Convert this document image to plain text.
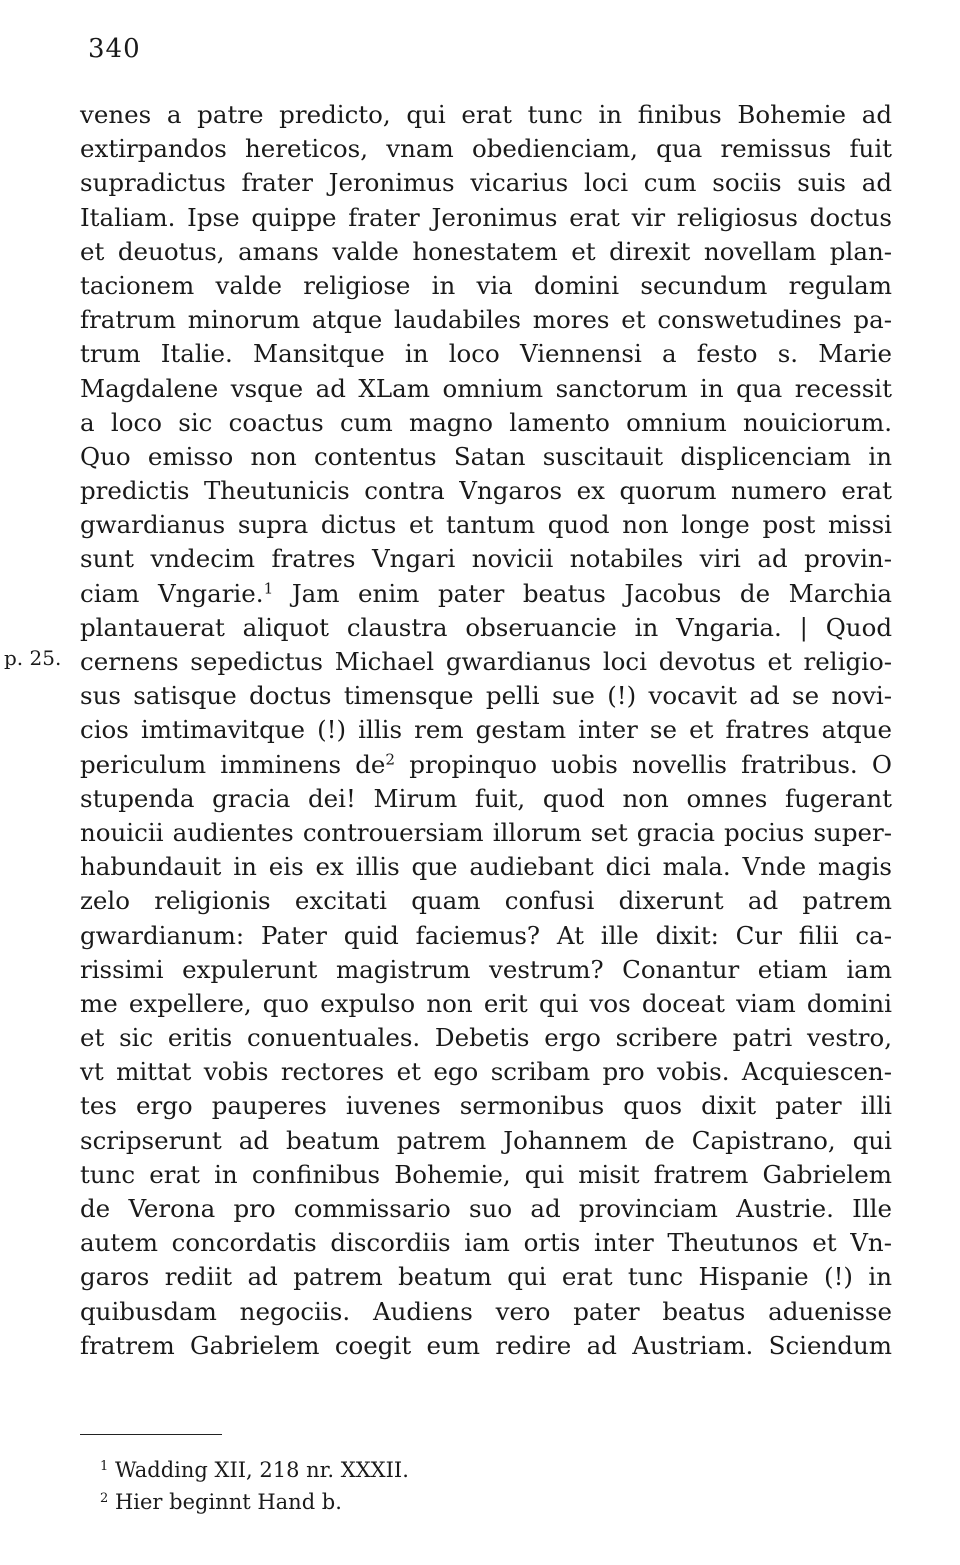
340
p. 25.
venes a patre predicto, qui erat tunc in finibus Bohemie ad
extirpandos hereticos, vnam obedienciam, qua remissus fuit
supradictus frater Jeronimus vicarius loci cum sociis suis ad
Italiam. Ipse quippe frater Jeronimus erat vir religiosus doctus
et deuotus, amans valde honestatem et direxit novellam plan-
tacionem valde religiose in via domini secundum regulam
fratrum minorum atque laudabiles mores et conswetudines pa-
trum Italie. Mansitque in loco Viennensi a festo s. Marie
Magdalene vsque ad XLam omnium sanctorum in qua recessit
a loco sic coactus cum magno lamento omnium nouiciorum.
Quo emisso non contentus Satan suscitauit displicenciam in
predictis Theutunicis contra Vngaros ex quorum numero erat
gwardianus supra dictus et tantum quod non longe post missi
sunt vndecim fratres Vngari novicii notabiles viri ad provin-
ciam Vngarie.$^1$ Jam enim pater beatus Jacobus de Marchia
plantauerat aliquot claustra obseruancie in Vngaria. | Quod
cernens sepedictus Michael gwardianus loci devotus et religio-
sus satisque doctus timensque pelli sue (!) vocavit ad se novi-
cios imtimavitque (!) illis rem gestam inter se et fratres atque
periculum imminens $de^2$ propinquo uobis novellis fratribus. O
stupenda gracia dei! Mirum fuit, quod non omnes fugerant
nouicii audientes controuersiam illorum set gracia pocius super-
habundauit in eis ex illis que audiebant dici mala. Vnde magis
zelo religionis excitati quam confusi dixerunt ad patrem
gwardianum: Pater quid faciemus? At ille dixit: Cur filii ca-
rissimi expulerunt magistrum vestrum? Conantur etiam iam
me expellere, quo expulso non erit qui vos doceat viam domini
et sic eritis conuentuales. Debetis ergo scribere patri vestro,
vt mittat vobis rectores et ego scribam pro vobis. Acquiescen-
tes ergo pauperes iuvenes sermonibus quos dixit pater illi
scripserunt ad beatum patrem Johannem de Capistrano, qui
tunc erat in confinibus Bohemie, qui misit fratrem Gabrielem
de Verona pro commissario suo ad provinciam Austrie. Ille
autem concordatis discordiis iam ortis inter Theutunos et Vn-
garos rediit ad patrem beatum qui erat tunc Hispanie (!) in
quibusdam negociis. Audiens vero pater beatus aduenisse
fratrem Gabrielem coegit eum redire ad Austriam. Sciendum
$^1$ Wadding XII, 218 nr. XXXII.
$^2$ Hier beginnt Hand b.
